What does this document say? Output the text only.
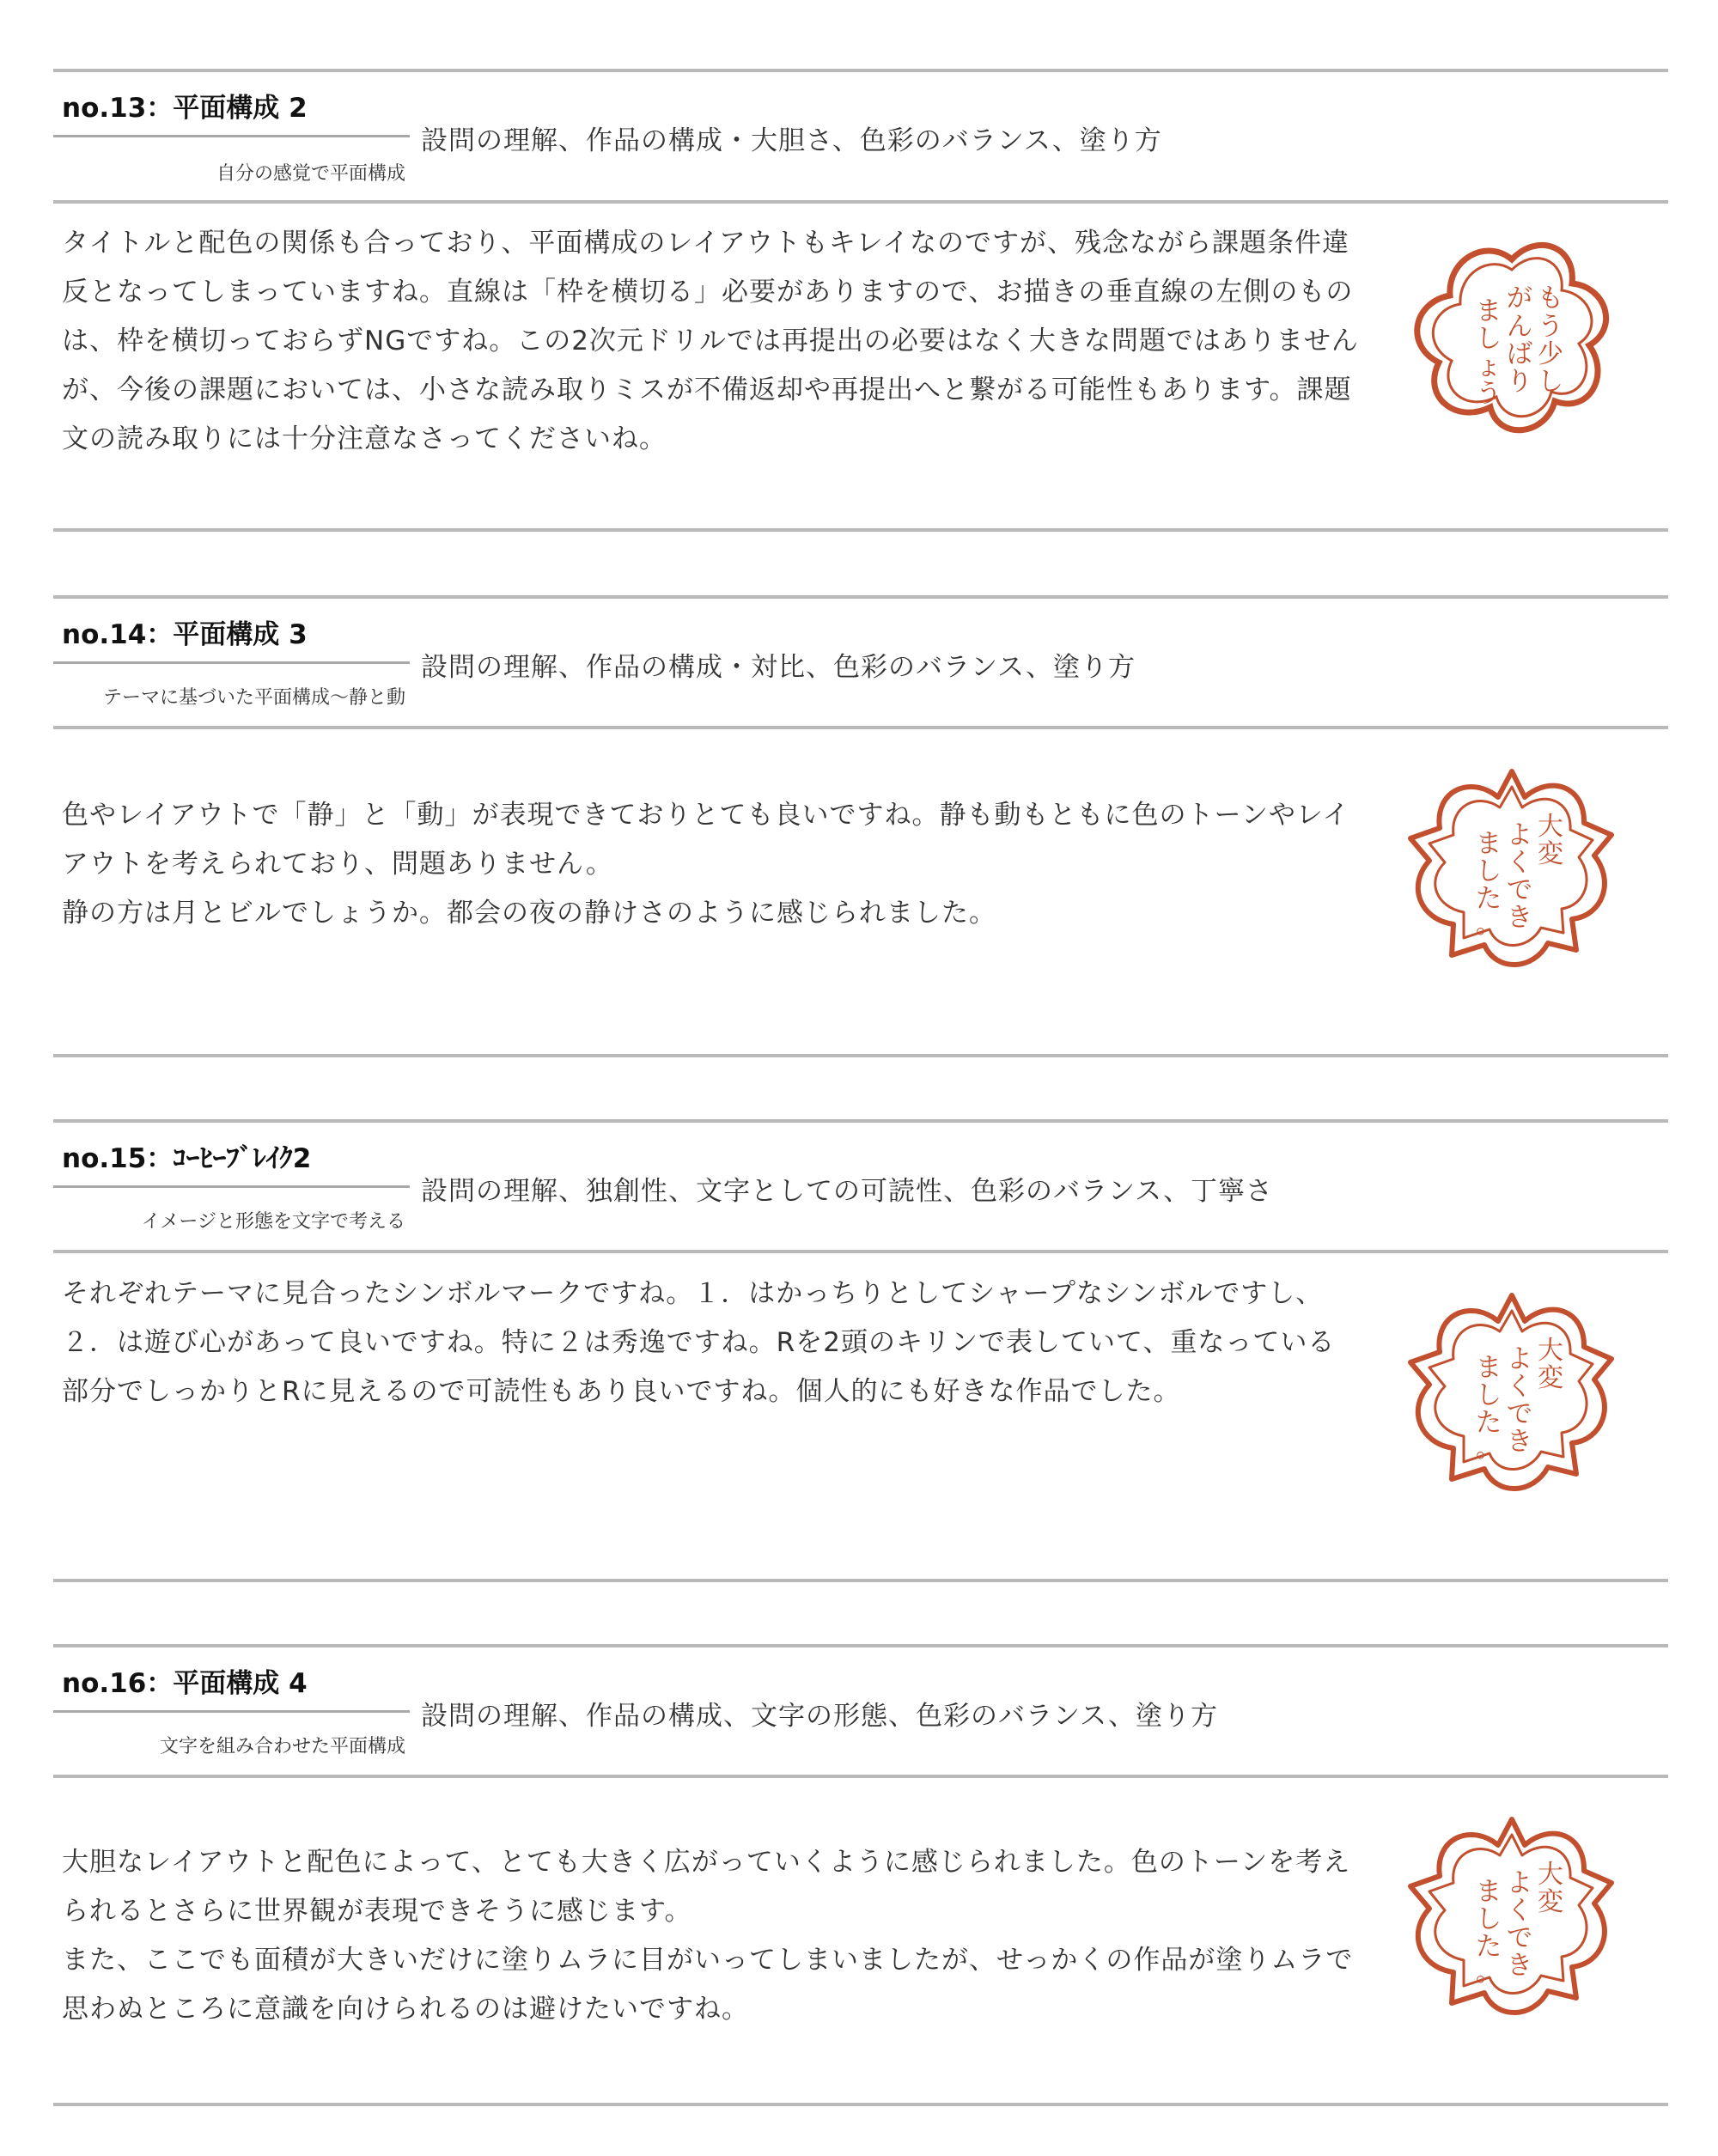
no.13：平面構成 2
設問の理解、作品の構成・大胆さ、色彩のバランス、塗り方
自分の感覚で平面構成

タイトルと配色の関係も合っており、平面構成のレイアウトもキレイなのですが、残念ながら課題条件違反となってしまっていますね。直線は「枠を横切る」必要がありますので、お描きの垂直線の左側のものは、枠を横切っておらずNGですね。この2次元ドリルでは再提出の必要はなく大きな問題ではありませんが、今後の課題においては、小さな読み取りミスが不備返却や再提出へと繋がる可能性もあります。課題文の読み取りには十分注意なさってくださいね。

も
う
少
し
が
ん
ば
り
ま
し
ょ
う
no.14：平面構成 3
設問の理解、作品の構成・対比、色彩のバランス、塗り方
テーマに基づいた平面構成〜静と動

色やレイアウトで「静」と「動」が表現できておりとても良いですね。静も動もともに色のトーンやレイアウトを考えられており、問題ありません。

静の方は月とビルでしょうか。都会の夜の静けさのように感じられました。

大
変
よ
く
で
き
ま
し
た
。
no.15：ｺｰﾋｰﾌﾞﾚｲｸ2
設問の理解、独創性、文字としての可読性、色彩のバランス、丁寧さ
イメージと形態を文字で考える

それぞれテーマに見合ったシンボルマークですね。１．はかっちりとしてシャープなシンボルですし、２．は遊び心があって良いですね。特に２は秀逸ですね。Rを2頭のキリンで表していて、重なっている部分でしっかりとRに見えるので可読性もあり良いですね。個人的にも好きな作品でした。

大
変
よ
く
で
き
ま
し
た
。
no.16：平面構成 4
設問の理解、作品の構成、文字の形態、色彩のバランス、塗り方
文字を組み合わせた平面構成

大胆なレイアウトと配色によって、とても大きく広がっていくように感じられました。色のトーンを考えられるとさらに世界観が表現できそうに感じます。

また、ここでも面積が大きいだけに塗りムラに目がいってしまいましたが、せっかくの作品が塗りムラで思わぬところに意識を向けられるのは避けたいですね。

大
変
よ
く
で
き
ま
し
た
。
